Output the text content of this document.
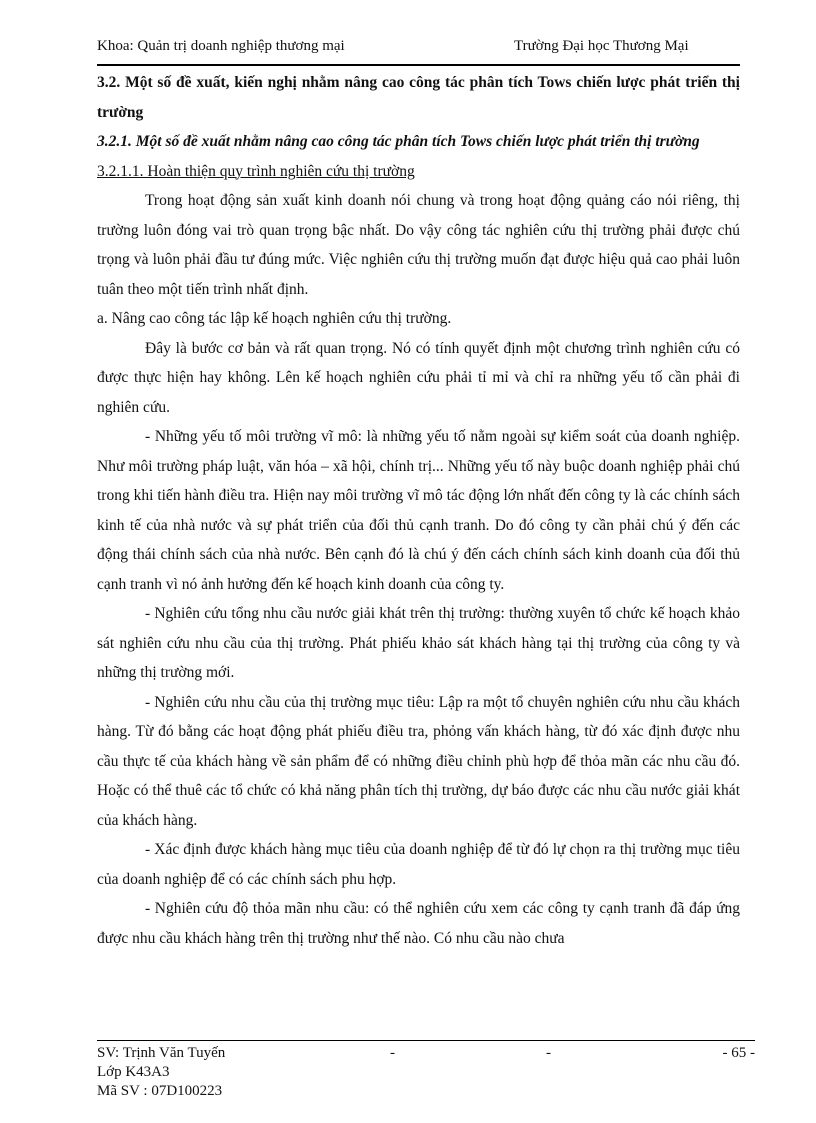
Khoa: Quản trị doanh nghiệp thương mại	Trường Đại học Thương Mại

3.2. Một số đề xuất, kiến nghị nhằm nâng cao công tác phân tích Tows chiến lược phát triển thị trường

3.2.1. Một số đề xuất nhằm nâng cao công tác phân tích Tows chiến lược phát triển thị trường

3.2.1.1. Hoàn thiện quy trình nghiên cứu thị trường

Trong hoạt động sản xuất kinh doanh nói chung và trong hoạt động quảng cáo nói riêng, thị trường luôn đóng vai trò quan trọng bậc nhất. Do vậy công tác nghiên cứu thị trường phải được chú trọng và luôn phải đầu tư đúng mức. Việc nghiên cứu thị trường muốn đạt được hiệu quả cao phải luôn tuân theo một tiến trình nhất định.

a. Nâng cao công tác lập kế hoạch nghiên cứu thị trường.

Đây là bước cơ bản và rất quan trọng. Nó có tính quyết định một chương trình nghiên cứu có được thực hiện hay không. Lên kế hoạch nghiên cứu phải tỉ mỉ và chỉ ra những yếu tố cần phải đi nghiên cứu.

- Những yếu tố môi trường vĩ mô: là những yếu tố nằm ngoài sự kiểm soát của doanh nghiệp. Như môi trường pháp luật, văn hóa – xã hội, chính trị... Những yếu tố này buộc doanh nghiệp phải chú trong khi tiến hành điều tra. Hiện nay môi trường vĩ mô tác động lớn nhất đến công ty là các chính sách kinh tế của nhà nước và sự phát triển của đối thủ cạnh tranh. Do đó công ty cần phải chú ý đến các động thái chính sách của nhà nước. Bên cạnh đó là chú ý đến cách chính sách kinh doanh của đối thủ cạnh tranh vì nó ảnh hưởng đến kế hoạch kinh doanh của công ty.

- Nghiên cứu tổng nhu cầu nước giải khát trên thị trường: thường xuyên tổ chức kế hoạch khảo sát nghiên cứu nhu cầu của thị trường. Phát phiếu khảo sát khách hàng tại thị trường của công ty và những thị trường mới.

- Nghiên cứu nhu cầu của thị trường mục tiêu: Lập ra một tổ chuyên nghiên cứu nhu cầu khách hàng. Từ đó bằng các hoạt động phát phiếu điều tra, phỏng vấn khách hàng, từ đó xác định được nhu cầu thực tế của khách hàng về sản phẩm để có những điều chỉnh phù hợp để thỏa mãn các nhu cầu đó. Hoặc có thể thuê các tổ chức có khả năng phân tích thị trường, dự báo được các nhu cầu nước giải khát của khách hàng.

- Xác định được khách hàng mục tiêu của doanh nghiệp để từ đó lự chọn ra thị trường mục tiêu của doanh nghiệp để có các chính sách phu hợp.

- Nghiên cứu độ thỏa mãn nhu cầu: có thể nghiên cứu xem các công ty cạnh tranh đã đáp ứng được nhu cầu khách hàng trên thị trường như thế nào. Có nhu cầu nào chưa

SV: Trịnh Văn Tuyến	-	-	- 65 -
Lớp K43A3
Mã SV : 07D100223
